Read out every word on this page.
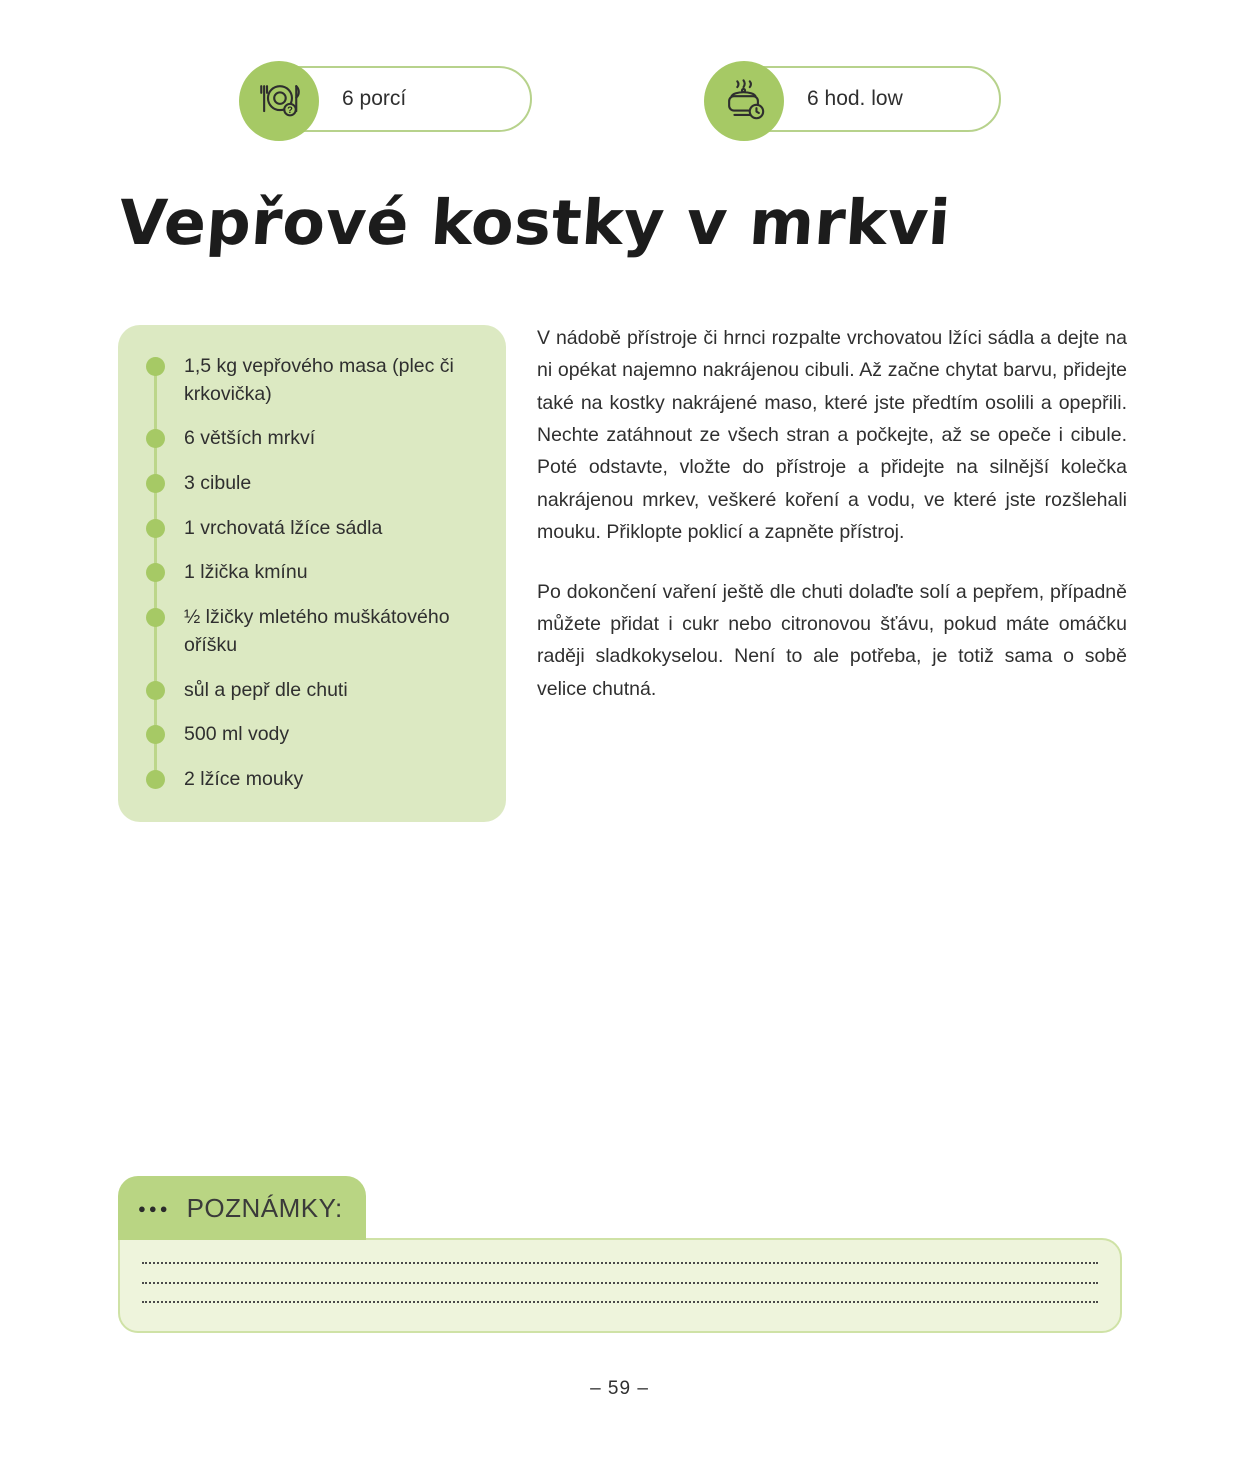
? 6 porcí	6 hod. low
Vepřové kostky v mrkvi
1,5 kg vepřového masa (plec či krkovička)
6 větších mrkví
3 cibule
1 vrchovatá lžíce sádla
1 lžička kmínu
½ lžičky mletého muškátového oříšku
sůl a pepř dle chuti
500 ml vody
2 lžíce mouky

V nádobě přístroje či hrnci rozpalte vrchovatou lžíci sádla a dejte na ni opékat najemno nakrájenou cibuli. Až začne chytat barvu, přidejte také na kostky nakrájené maso, které jste předtím osolili a opepřili. Nechte zatáhnout ze všech stran a počkejte, až se opeče i cibule. Poté odstavte, vložte do přístroje a přidejte na silnější kolečka nakrájenou mrkev, veškeré koření a vodu, ve které jste rozšlehali mouku. Přiklopte poklicí a zapněte přístroj.

Po dokončení vaření ještě dle chuti dolaďte solí a pepřem, případně můžete přidat i cukr nebo citronovou šťávu, pokud máte omáčku raději sladkokyselou. Není to ale potřeba, je totiž sama o sobě velice chutná.

●●● POZNÁMKY:
– 59 –
